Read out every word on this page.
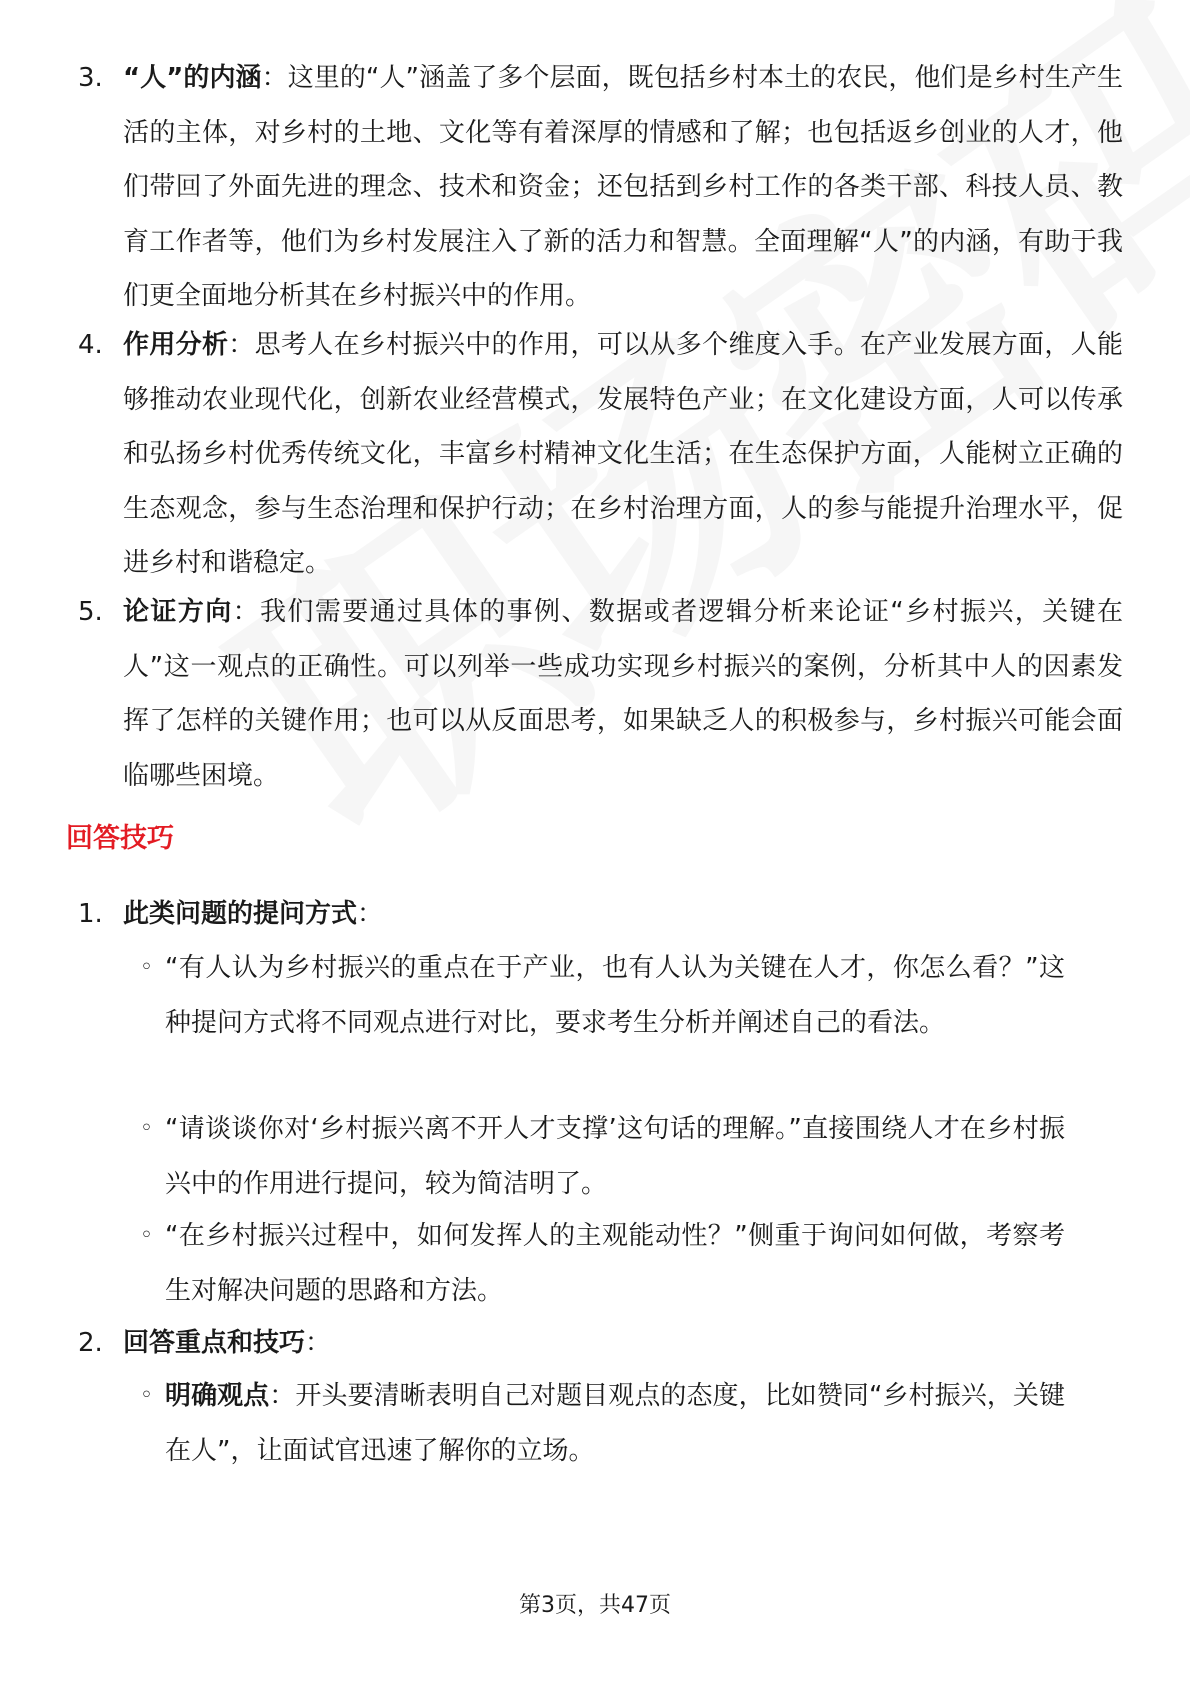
3. “人”的内涵：这里的“人”涵盖了多个层面，既包括乡村本土的农民，他们是乡村生产生活的主体，对乡村的土地、文化等有着深厚的情感和了解；也包括返乡创业的人才，他们带回了外面先进的理念、技术和资金；还包括到乡村工作的各类干部、科技人员、教育工作者等，他们为乡村发展注入了新的活力和智慧。全面理解“人”的内涵，有助于我们更全面地分析其在乡村振兴中的作用。
4. 作用分析：思考人在乡村振兴中的作用，可以从多个维度入手。在产业发展方面，人能够推动农业现代化，创新农业经营模式，发展特色产业；在文化建设方面，人可以传承和弘扬乡村优秀传统文化，丰富乡村精神文化生活；在生态保护方面，人能树立正确的生态观念，参与生态治理和保护行动；在乡村治理方面，人的参与能提升治理水平，促进乡村和谐稳定。
5. 论证方向：我们需要通过具体的事例、数据或者逻辑分析来论证“乡村振兴，关键在人”这一观点的正确性。可以列举一些成功实现乡村振兴的案例，分析其中人的因素发挥了怎样的关键作用；也可以从反面思考，如果缺乏人的积极参与，乡村振兴可能会面临哪些困境。
回答技巧
1. 此类问题的提问方式：
◦ “有人认为乡村振兴的重点在于产业，也有人认为关键在人才，你怎么看？”这种提问方式将不同观点进行对比，要求考生分析并阐述自己的看法。
◦ “请谈谈你对‘乡村振兴离不开人才支撑’这句话的理解。”直接围绕人才在乡村振兴中的作用进行提问，较为简洁明了。
◦ “在乡村振兴过程中，如何发挥人的主观能动性？”侧重于询问如何做，考察考生对解决问题的思路和方法。
2. 回答重点和技巧：
◦ 明确观点：开头要清晰表明自己对题目观点的态度，比如赞同“乡村振兴，关键在人”，让面试官迅速了解你的立场。
第3页，共47页
